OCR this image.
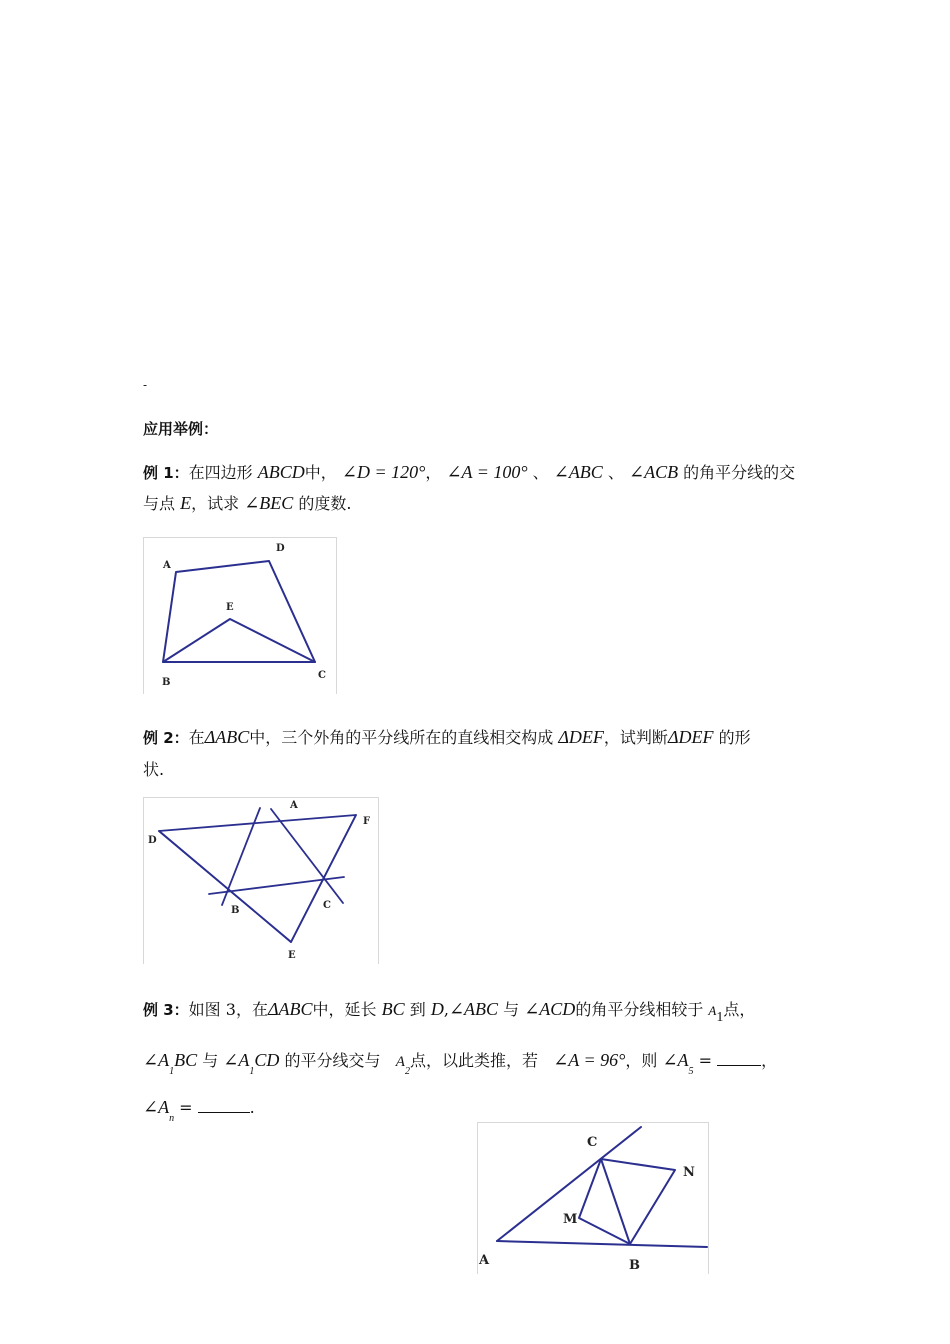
-
应用举例：
例 1：在四边形 ABCD中， ∠D = 120°， ∠A = 100° 、 ∠ABC 、 ∠ACB 的角平分线的交
与点 E，试求 ∠BEC 的度数.
A
D
E
B
C
例 2：在ΔABC中，三个外角的平分线所在的直线相交构成 ΔDEF，试判断ΔDEF 的形
状.
A
D
F
B	C
E
例 3：如图 3，在ΔABC中，延长 BC 到 D,∠ABC 与 ∠ACD的角平分线相较于 A1点，
$\angle A_1BC$ 与 $\angle A_1CD$ 的平分线交与 $A_2$点，以此类推，若 ∠A = 96°，则 $\angle A_5$ =	，
$\angle A_n$ =	.
C
N
M
A	B
